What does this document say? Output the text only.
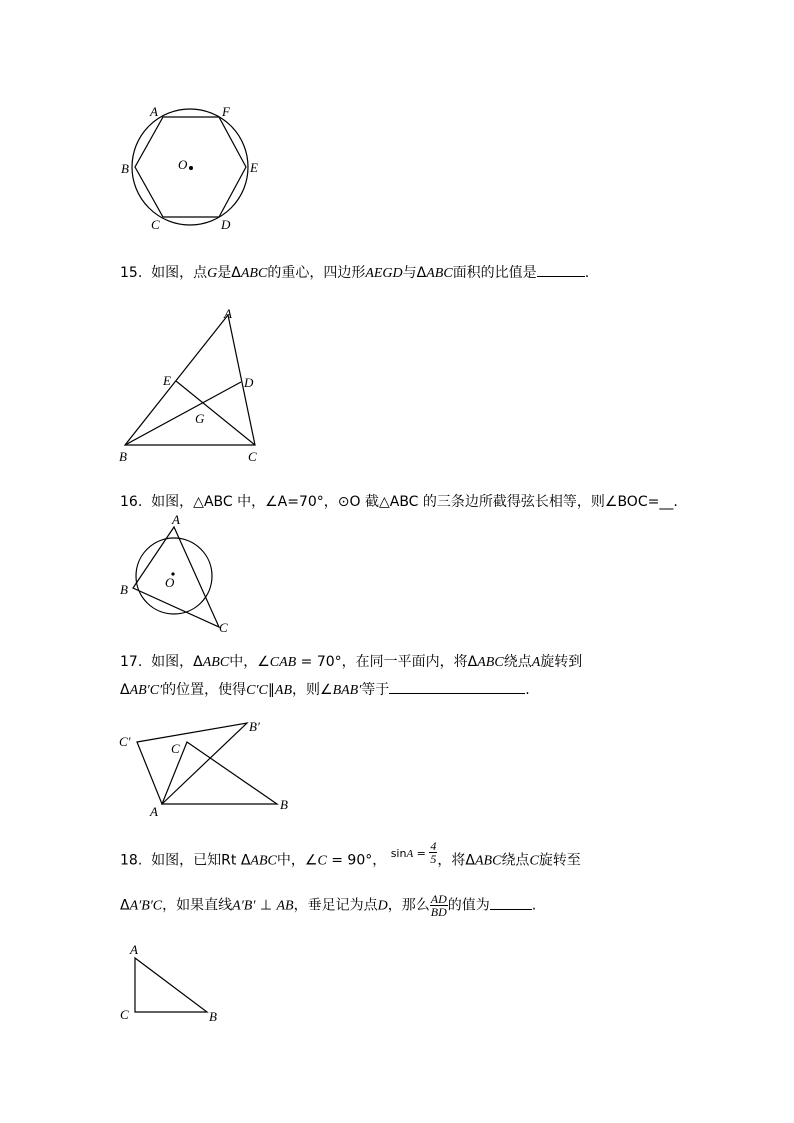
A	F
B	E
C	D
O
15. 如图，点G是ΔABC的重心，四边形AEGD与ΔABC面积的比值是	.
A
E	D
G
B	C
16. 如图，△ABC 中，∠A=70°，⊙O 截△ABC 的三条边所截得弦长相等，则∠BOC=__.
A
B	O
C
17. 如图，ΔABC中，∠CAB = 70°，在同一平面内，将ΔABC绕点A旋转到
ΔAB′C′的位置，使得C′C∥AB，则∠BAB′等于	.
C′
B′
C
A	B
18. 如图，已知Rt ΔABC中，∠C = 90°， $\sin A = \frac{4}{5}$ ，将ΔABC绕点C旋转至
ΔA′B′C，如果直线A′B′ ⊥ AB，垂足记为点D，那么 $\frac{AD}{BD}$ 的值为	.
A
C	B
